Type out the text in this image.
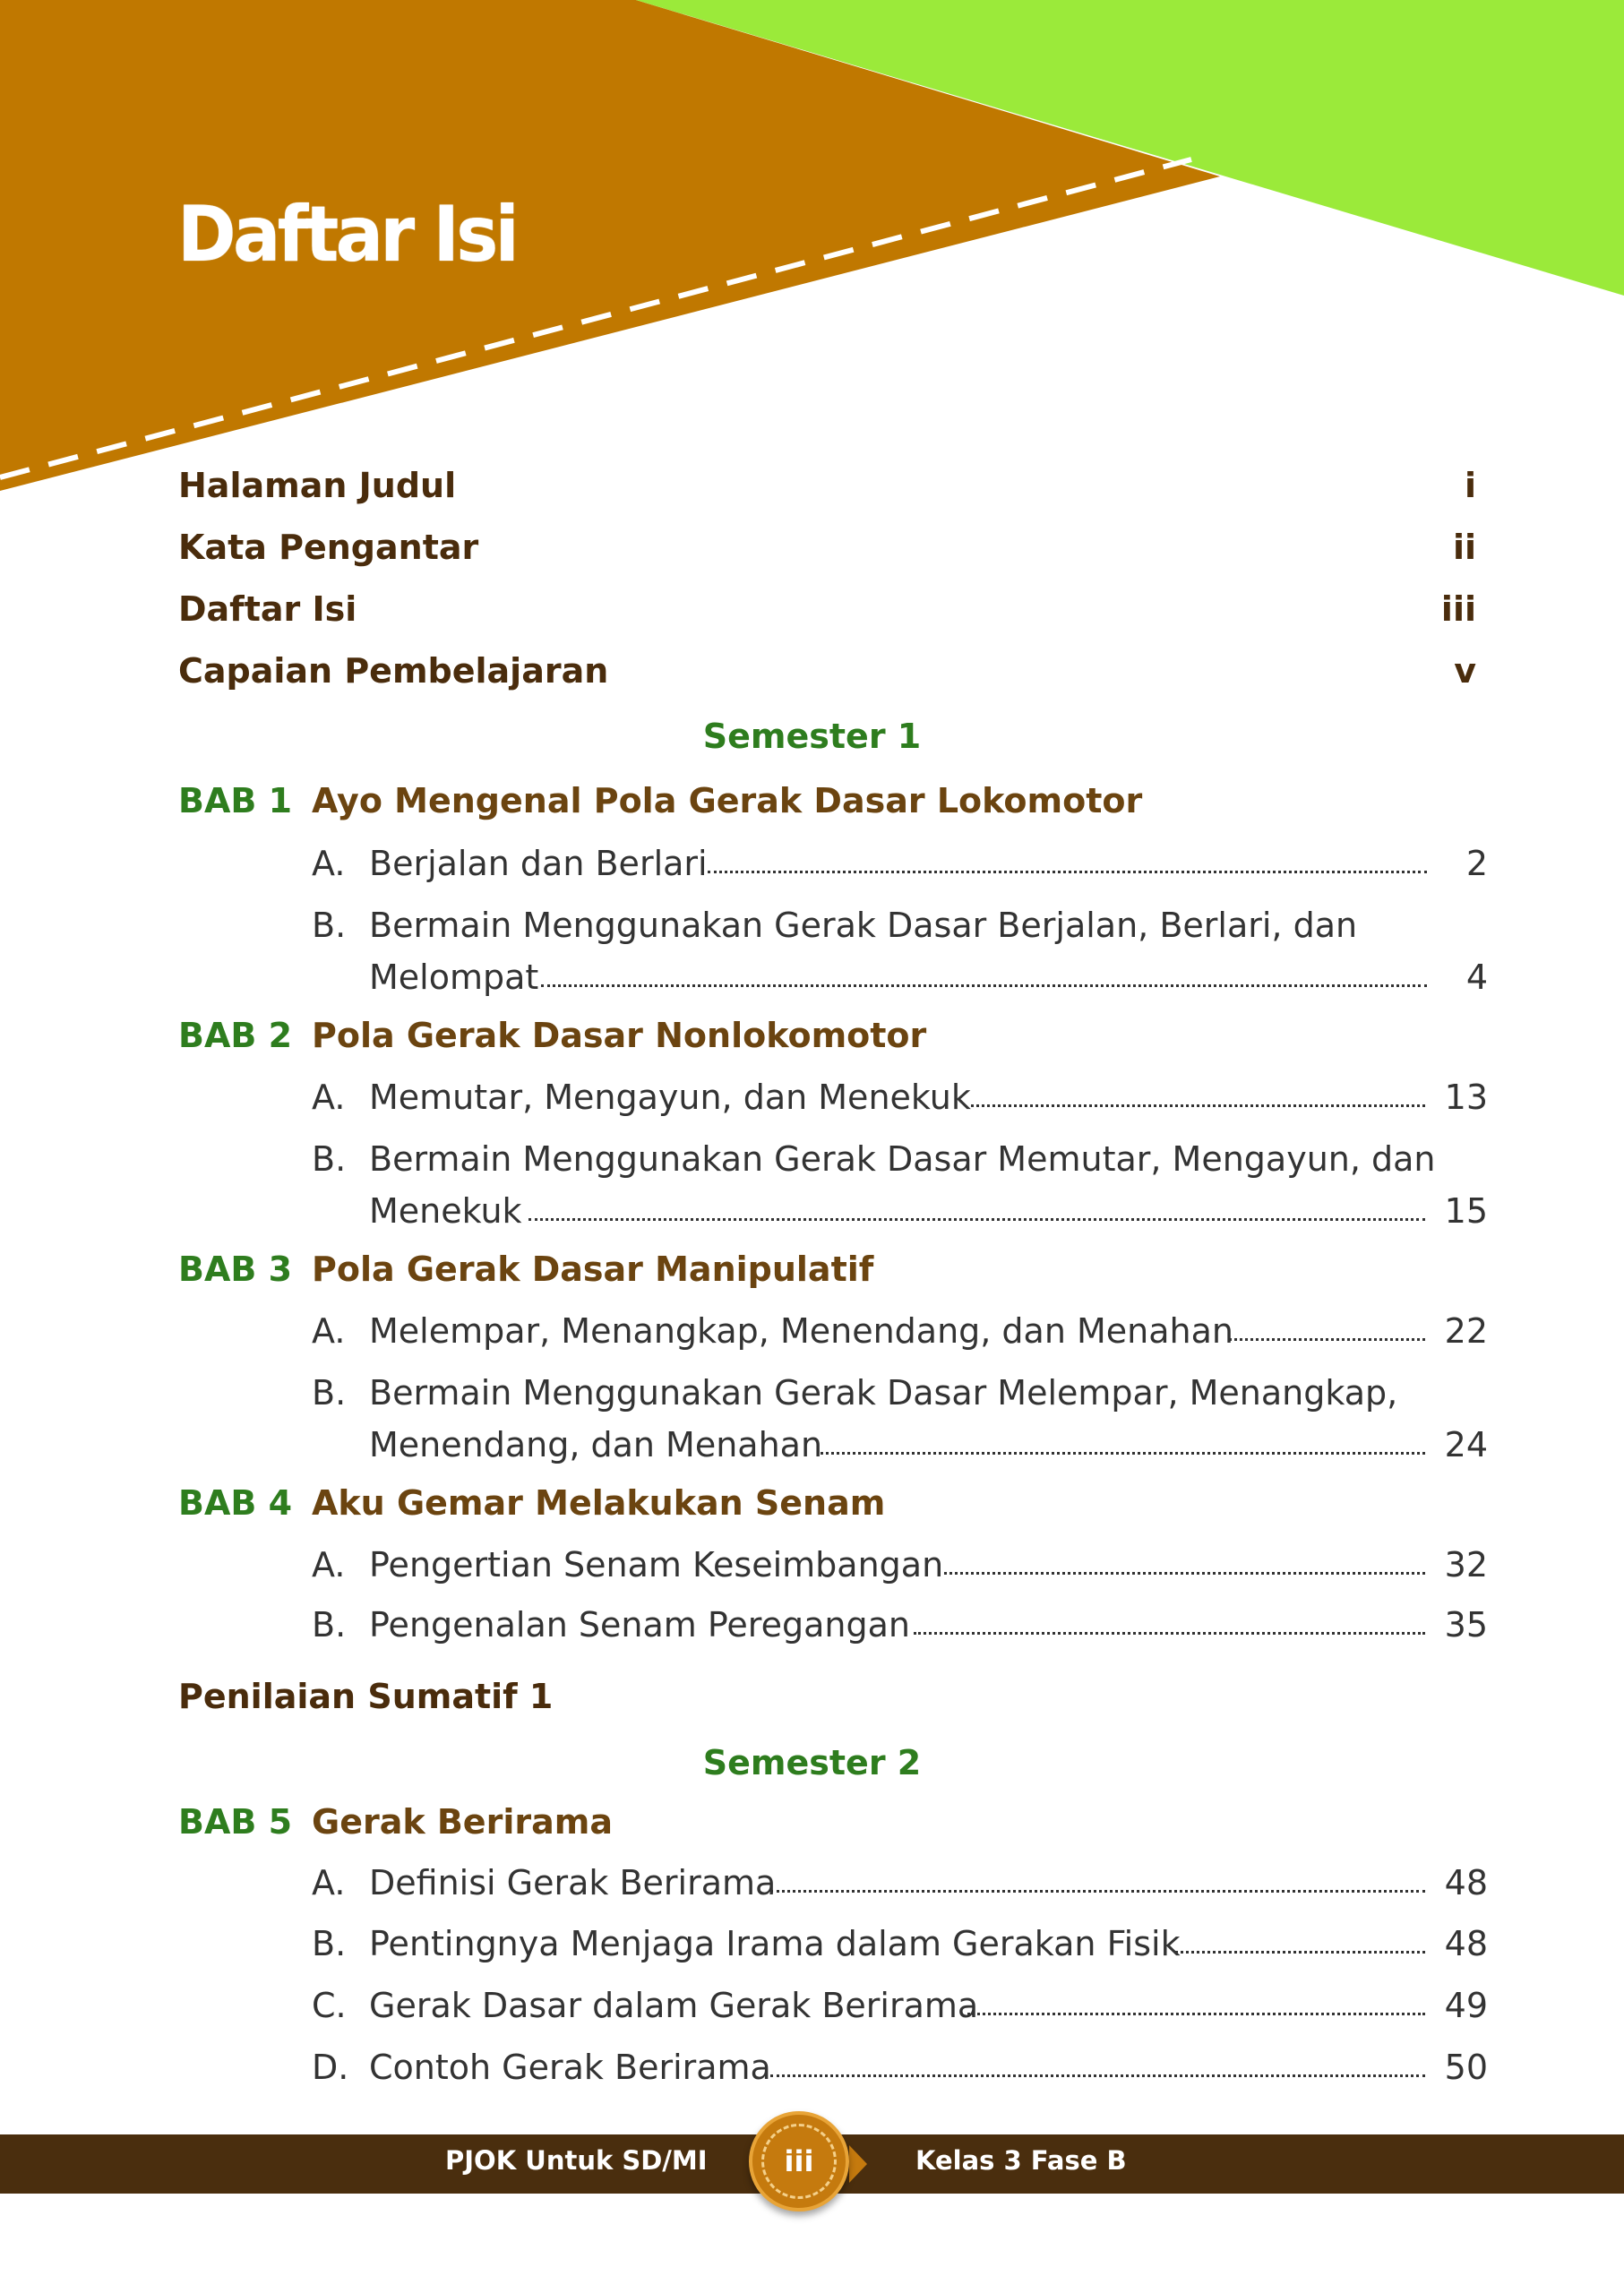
Daftar Isi
Halaman Judul	i
Kata Pengantar	ii
Daftar Isi	iii
Capaian Pembelajaran	v
Semester 1
BAB 1 Ayo Mengenal Pola Gerak Dasar Lokomotor
A. Berjalan dan Berlari	2
B. Bermain Menggunakan Gerak Dasar Berjalan, Berlari, dan
Melompat	4
BAB 2 Pola Gerak Dasar Nonlokomotor
A. Memutar, Mengayun, dan Menekuk	13
B. Bermain Menggunakan Gerak Dasar Memutar, Mengayun, dan
Menekuk	15
BAB 3 Pola Gerak Dasar Manipulatif
A. Melempar, Menangkap, Menendang, dan Menahan	22
B. Bermain Menggunakan Gerak Dasar Melempar, Menangkap,
Menendang, dan Menahan	24
BAB 4 Aku Gemar Melakukan Senam
A. Pengertian Senam Keseimbangan	32
B. Pengenalan Senam Peregangan	35
Penilaian Sumatif 1
Semester 2
BAB 5 Gerak Berirama
A. Definisi Gerak Berirama	48
B. Pentingnya Menjaga Irama dalam Gerakan Fisik	48
C. Gerak Dasar dalam Gerak Berirama	49
D. Contoh Gerak Berirama	50
PJOK Untuk SD/MI	Kelas 3 Fase B
iii
